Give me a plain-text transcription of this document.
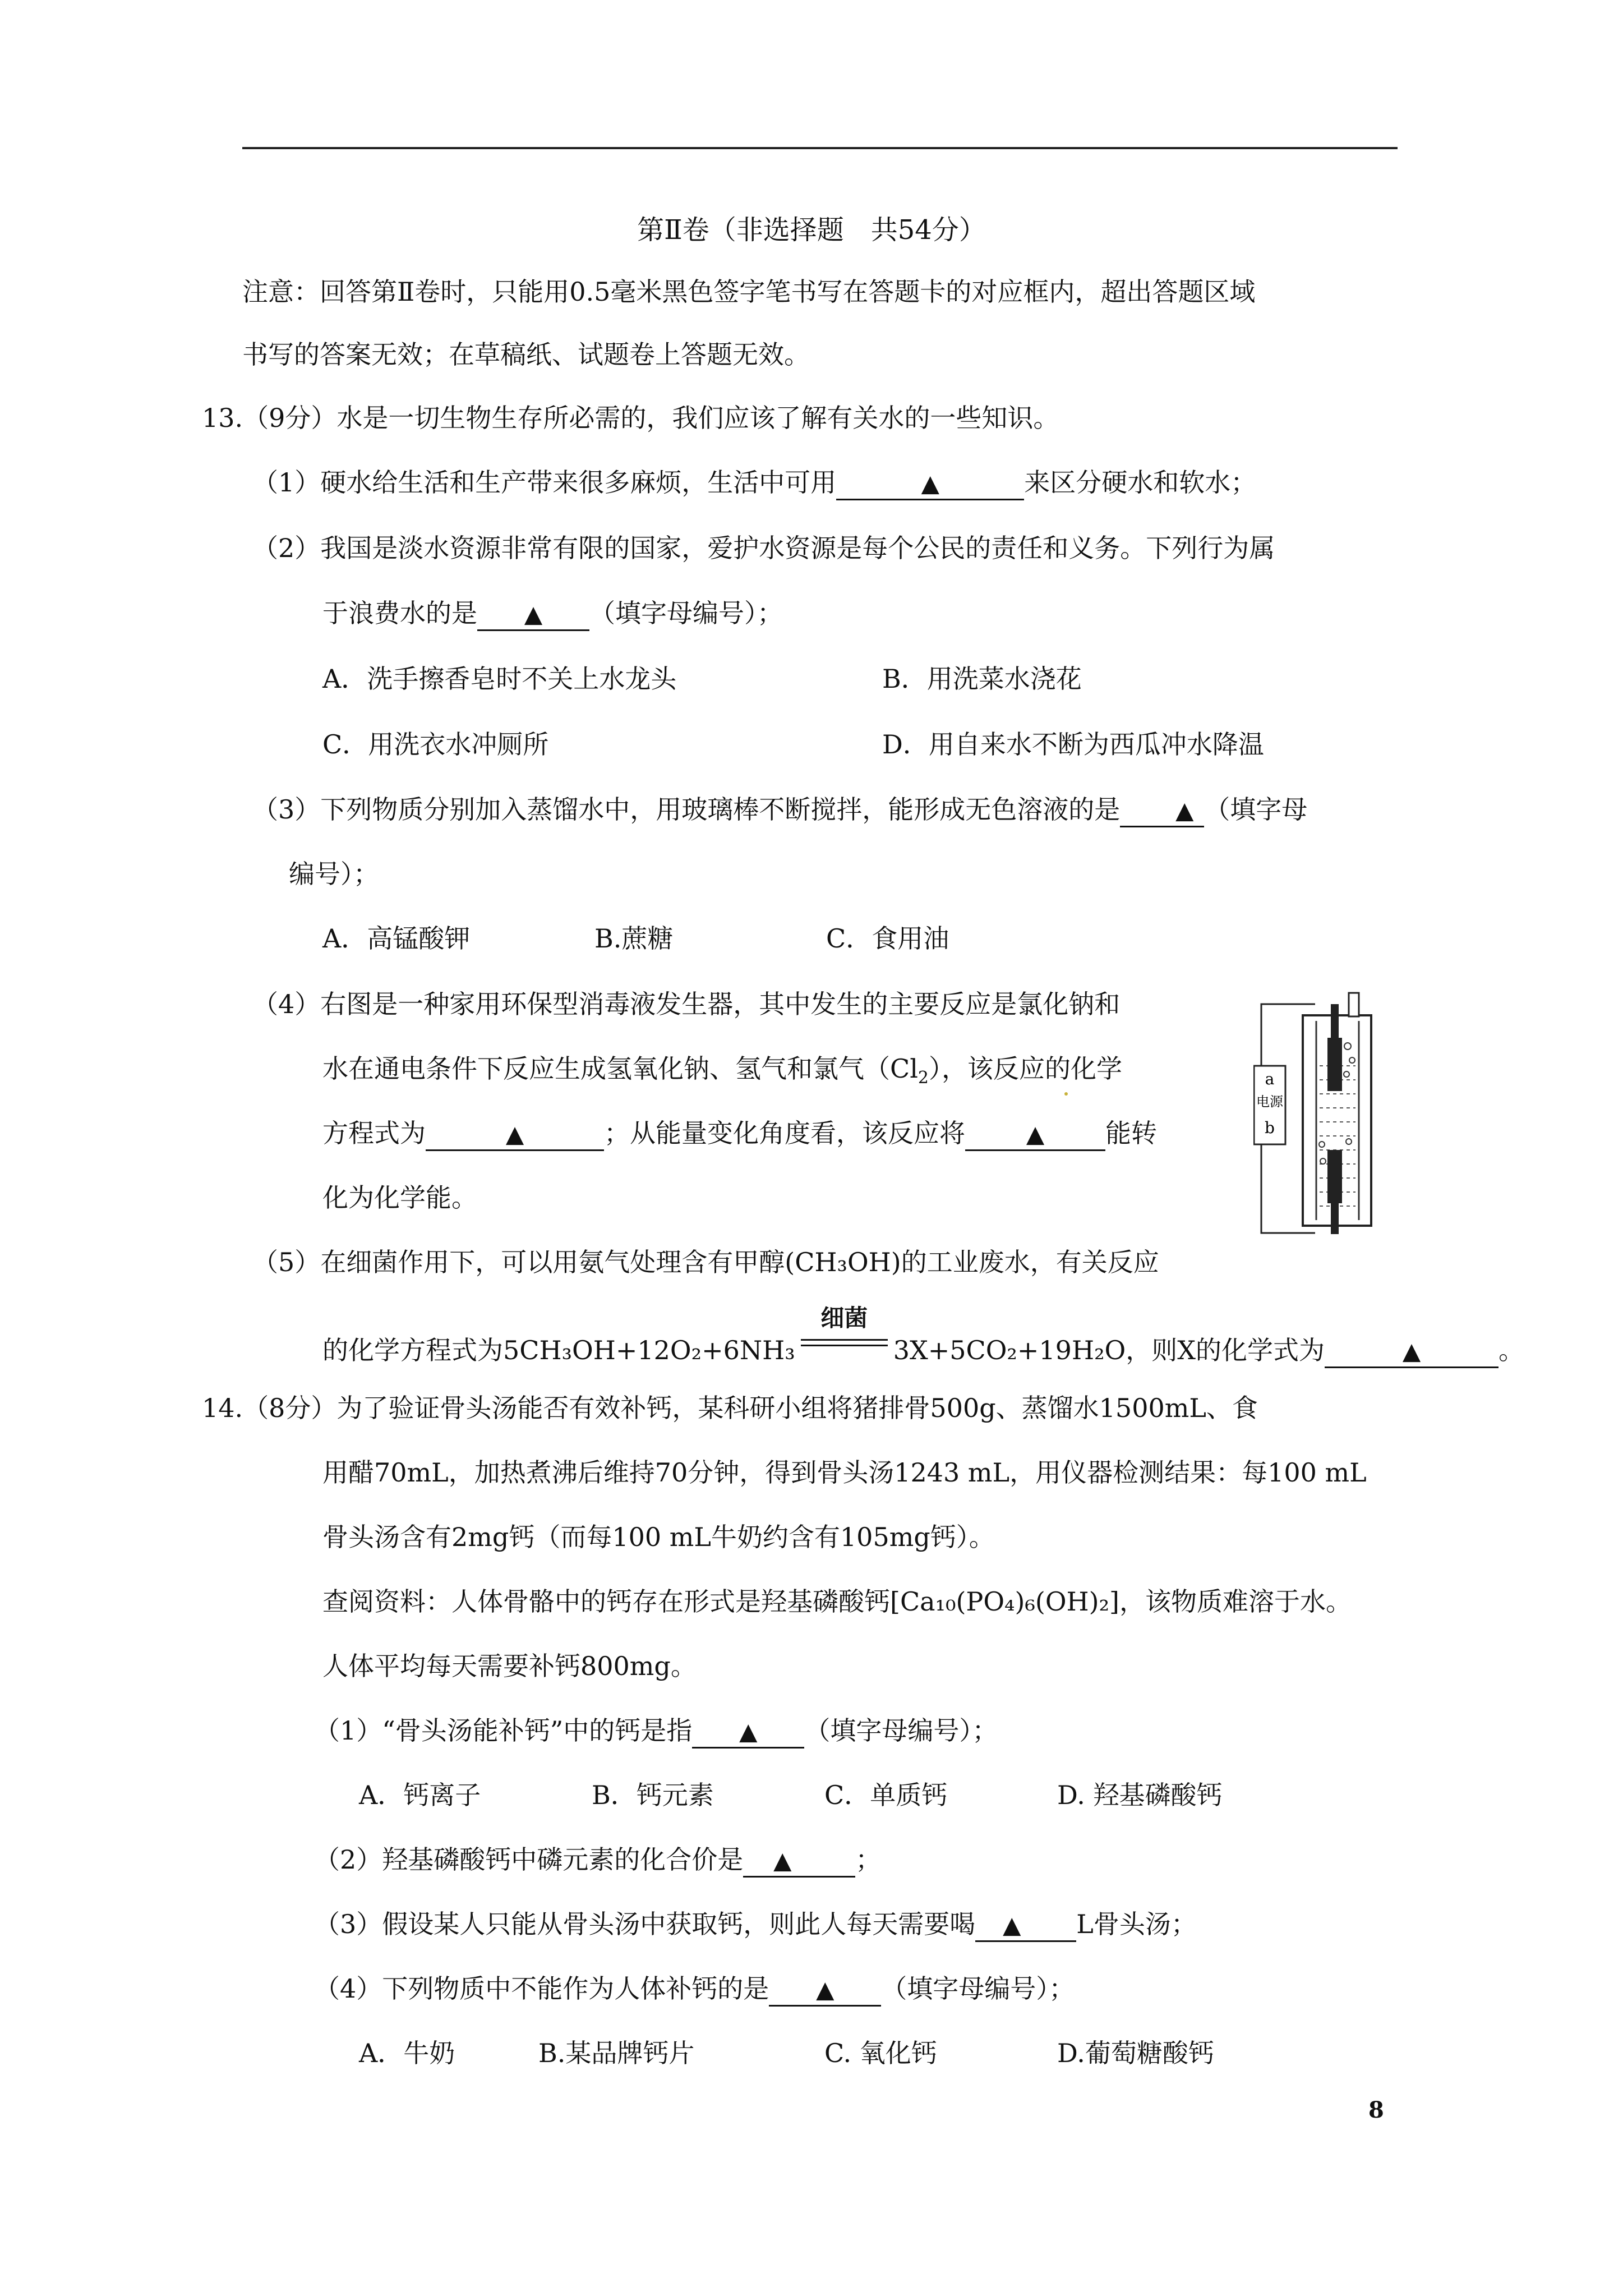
第Ⅱ卷（非选择题　共54分）
注意：回答第Ⅱ卷时，只能用0.5毫米黑色签字笔书写在答题卡的对应框内，超出答题区域
书写的答案无效；在草稿纸、试题卷上答题无效。
13.（9分）水是一切生物生存所必需的，我们应该了解有关水的一些知识。
（1）硬水给生活和生产带来很多麻烦，生活中可用	▲	来区分硬水和软水；
（2）我国是淡水资源非常有限的国家，爱护水资源是每个公民的责任和义务。下列行为属
于浪费水的是 ▲ （填字母编号）；
A．洗手擦香皂时不关上水龙头	B．用洗菜水浇花
C．用洗衣水冲厕所	D．用自来水不断为西瓜冲水降温
（3）下列物质分别加入蒸馏水中，用玻璃棒不断搅拌，能形成无色溶液的是 ▲ （填字母
编号）；
A．高锰酸钾	B.蔗糖	C．食用油
（4）右图是一种家用环保型消毒液发生器，其中发生的主要反应是氯化钠和
水在通电条件下反应生成氢氧化钠、氢气和氯气$(Cl_2)$，该反应的化学
方程式为	▲	；从能量变化角度看，该反应将	▲ 能转
化为化学能。
a
电源
b
（5）在细菌作用下，可以用氨气处理含有甲醇(CH₃OH)的工业废水，有关反应
的化学方程式为5CH₃OH+12O₂+6NH₃
细菌
3X+5CO₂+19H₂O，则X的化学式为	▲	。
14.（8分）为了验证骨头汤能否有效补钙，某科研小组将猪排骨500g、蒸馏水1500mL、食
用醋70mL，加热煮沸后维持70分钟，得到骨头汤1243 mL，用仪器检测结果：每100 mL
骨头汤含有2mg钙（而每100 mL牛奶约含有105mg钙）。
查阅资料：人体骨骼中的钙存在形式是羟基磷酸钙[Ca₁₀(PO₄)₆(OH)₂]，该物质难溶于水。
人体平均每天需要补钙800mg。
（1）“骨头汤能补钙”中的钙是指 ▲ （填字母编号）；
A．钙离子	B．钙元素	C．单质钙	D. 羟基磷酸钙
（2）羟基磷酸钙中磷元素的化合价是 ▲ ；
（3）假设某人只能从骨头汤中获取钙，则此人每天需要喝 ▲ L骨头汤；
（4）下列物质中不能作为人体补钙的是 ▲ （填字母编号）；
A．牛奶	B.某品牌钙片	C. 氧化钙	D.葡萄糖酸钙
8
